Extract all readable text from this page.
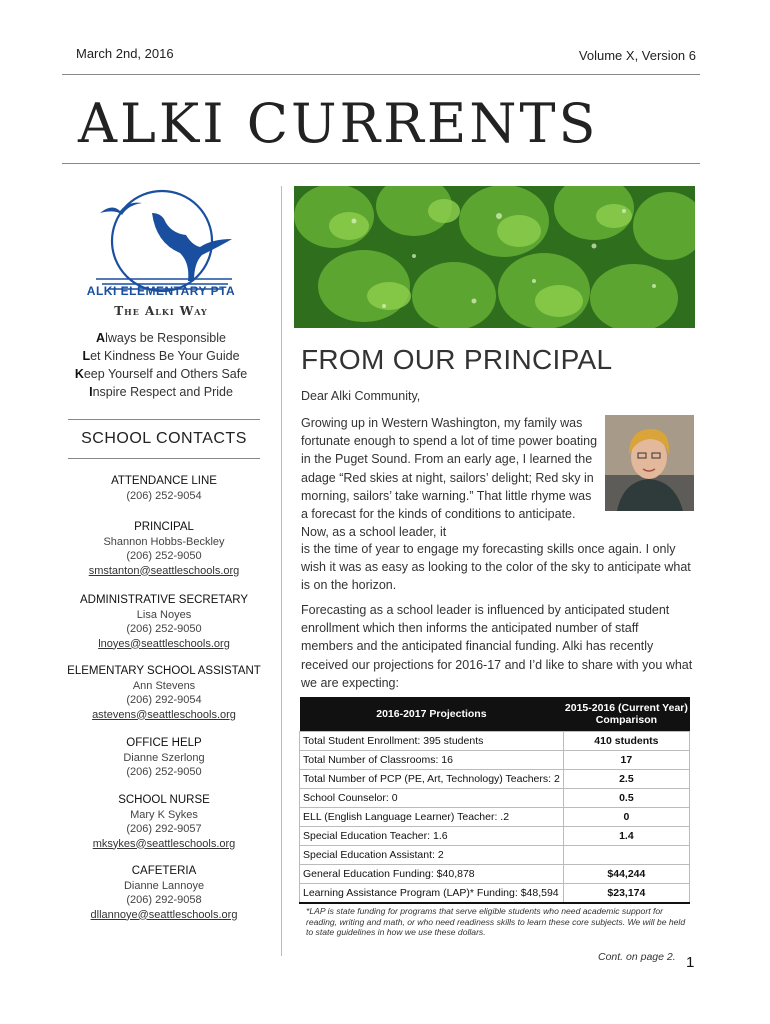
March 2nd, 2016	Volume X, Version 6
ALKI CURRENTS
ALKI ELEMENTARY PTA
The Alki Way
Always be Responsible
Let Kindness Be Your Guide
Keep Yourself and Others Safe
Inspire Respect and Pride
SCHOOL CONTACTS
ATTENDANCE LINE
(206) 252-9054
PRINCIPAL
Shannon Hobbs-Beckley
(206) 252-9050
smstanton@seattleschools.org
ADMINISTRATIVE SECRETARY
Lisa Noyes
(206) 252-9050
lnoyes@seattleschools.org
ELEMENTARY SCHOOL ASSISTANT
Ann Stevens
(206) 292-9054
astevens@seattleschools.org
OFFICE HELP
Dianne Szerlong
(206) 252-9050
SCHOOL NURSE
Mary K Sykes
(206) 292-9057
mksykes@seattleschools.org
CAFETERIA
Dianne Lannoye
(206) 292-9058
dllannoye@seattleschools.org
FROM OUR PRINCIPAL
Dear Alki Community,
Growing up in Western Washington, my family was fortunate enough to spend a lot of time power boating in the Puget Sound. From an early age, I learned the adage “Red skies at night, sailors’ delight; Red sky in morning, sailors’ take warning.” That little rhyme was a forecast for the kinds of conditions to anticipate. Now, as a school leader, it
is the time of year to engage my forecasting skills once again. I only wish it was as easy as looking to the color of the sky to anticipate what is on the horizon.
Forecasting as a school leader is influenced by anticipated student enrollment which then informs the anticipated number of staff members and the anticipated financial funding. Alki has recently received our projections for 2016-17 and I’d like to share with you what we are expecting:
2016-2017 Projections	2015-2016 (Current Year) Comparison
Total Student Enrollment: 395 students	410 students
Total Number of Classrooms: 16	17
Total Number of PCP (PE, Art, Technology) Teachers: 2	2.5
School Counselor: 0	0.5
ELL (English Language Learner) Teacher: .2	0
Special Education Teacher: 1.6	1.4
Special Education Assistant: 2	
General Education Funding: $40,878	$44,244
Learning Assistance Program (LAP)* Funding: $48,594	$23,174
*LAP is state funding for programs that serve eligible students who need academic support for reading, writing and math, or who need readiness skills to learn these core subjects. We will be held to state guidelines in how we use these dollars.
Cont. on page 2. 1
